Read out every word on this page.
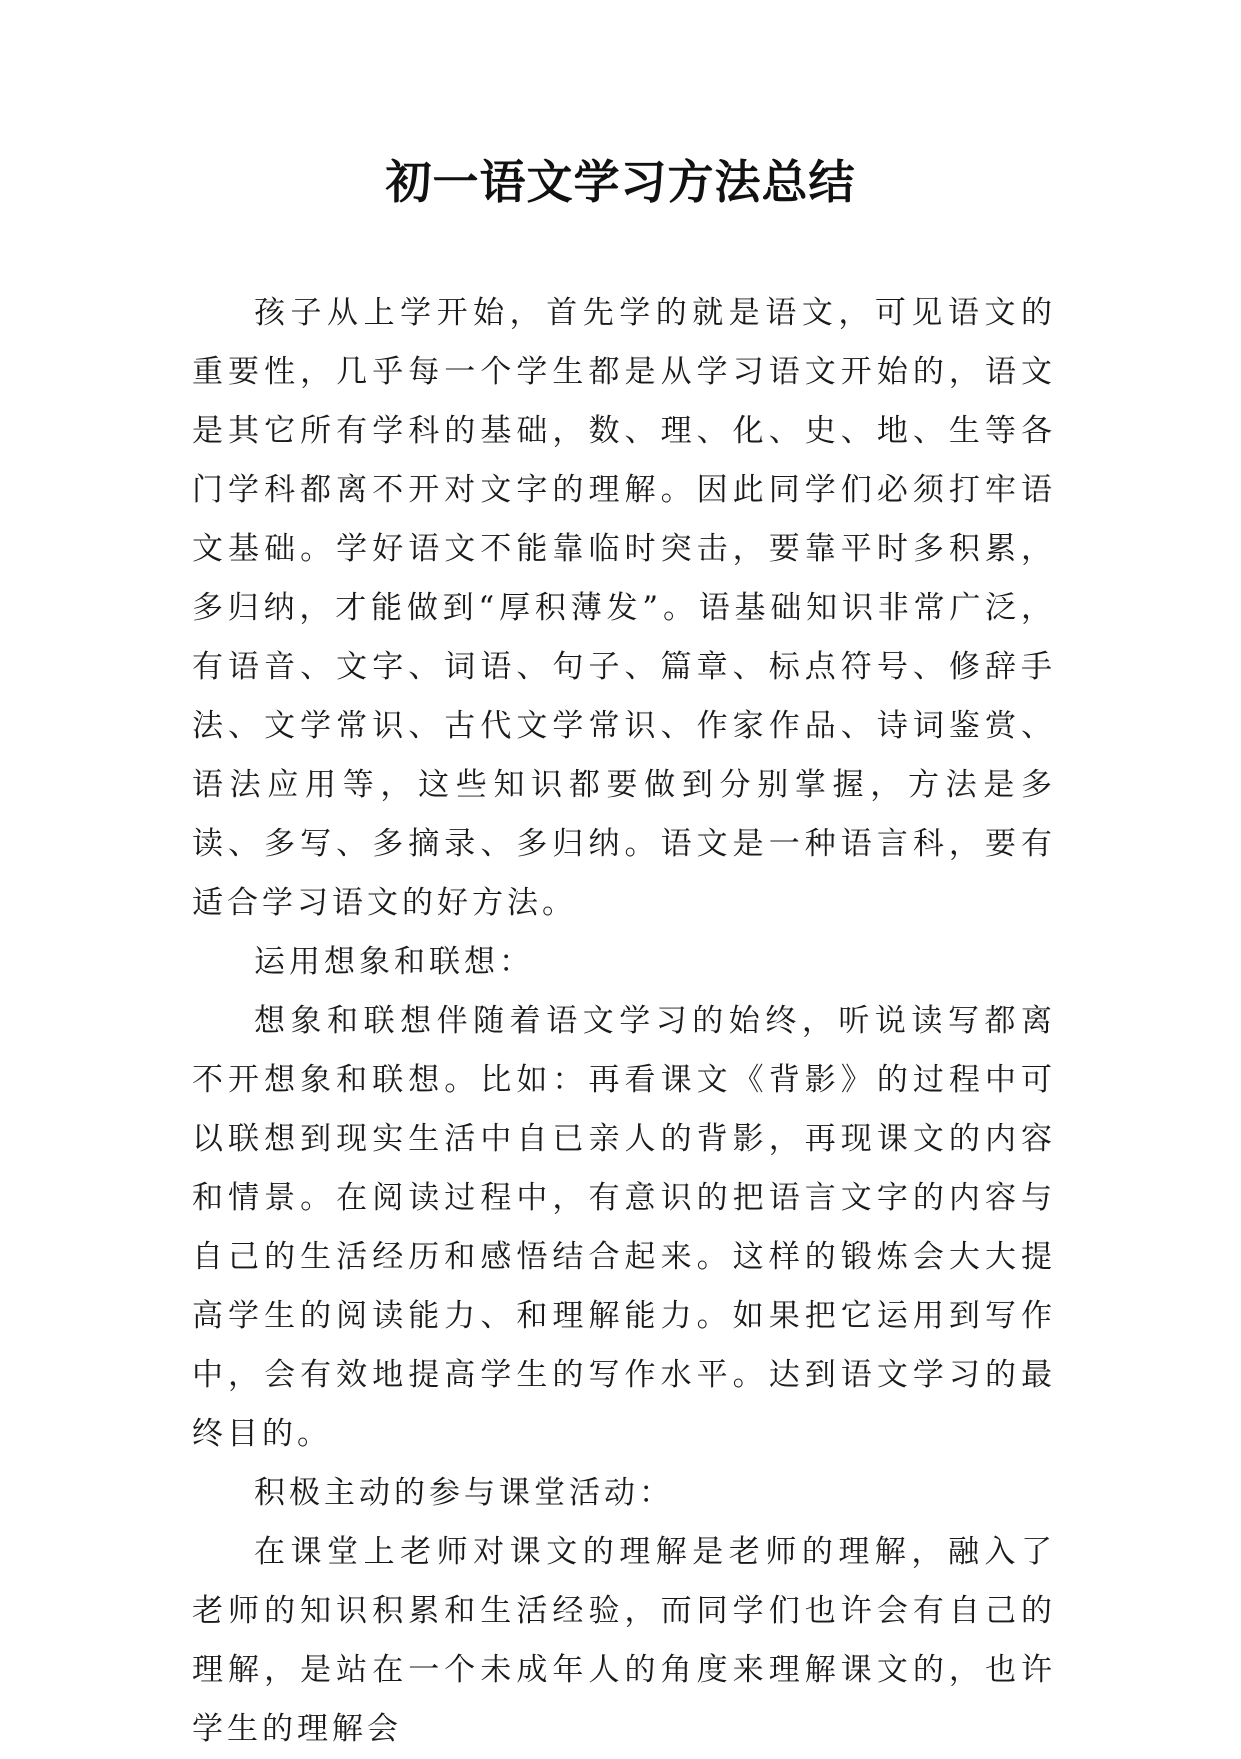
初一语文学习方法总结

孩子从上学开始，首先学的就是语文，可见语文的重要性，几乎每一个学生都是从学习语文开始的，语文是其它所有学科的基础，数、理、化、史、地、生等各门学科都离不开对文字的理解。因此同学们必须打牢语文基础。学好语文不能靠临时突击，要靠平时多积累，多归纳，才能做到“厚积薄发”。语基础知识非常广泛，有语音、文字、词语、句子、篇章、标点符号、修辞手法、文学常识、古代文学常识、作家作品、诗词鉴赏、语法应用等，这些知识都要做到分别掌握，方法是多读、多写、多摘录、多归纳。语文是一种语言科，要有适合学习语文的好方法。

运用想象和联想：

想象和联想伴随着语文学习的始终，听说读写都离不开想象和联想。比如：再看课文《背影》的过程中可以联想到现实生活中自已亲人的背影，再现课文的内容和情景。在阅读过程中，有意识的把语言文字的内容与自己的生活经历和感悟结合起来。这样的锻炼会大大提高学生的阅读能力、和理解能力。如果把它运用到写作中，会有效地提高学生的写作水平。达到语文学习的最终目的。

积极主动的参与课堂活动：

在课堂上老师对课文的理解是老师的理解，融入了老师的知识积累和生活经验，而同学们也许会有自己的理解，是站在一个未成年人的角度来理解课文的，也许学生的理解会
